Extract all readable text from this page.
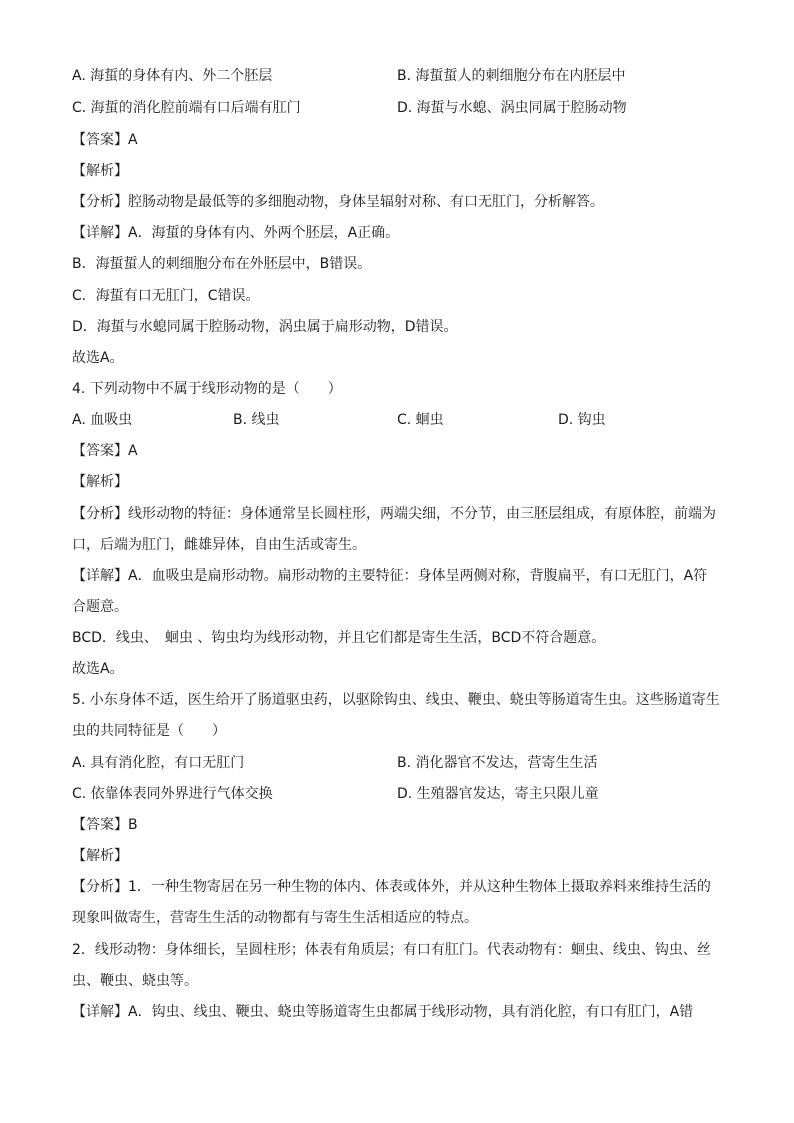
A. 海蜇的身体有内、外二个胚层	B. 海蜇蜇人的刺细胞分布在内胚层中
C. 海蜇的消化腔前端有口后端有肛门	D. 海蜇与水螅、涡虫同属于腔肠动物
【答案】A
【解析】
【分析】腔肠动物是最低等的多细胞动物，身体呈辐射对称、有口无肛门，分析解答。
【详解】A．海蜇的身体有内、外两个胚层，A正确。
B．海蜇蜇人的刺细胞分布在外胚层中，B错误。
C．海蜇有口无肛门，C错误。
D．海蜇与水螅同属于腔肠动物，涡虫属于扁形动物，D错误。
故选A。
4. 下列动物中不属于线形动物的是（　　）
A. 血吸虫	B. 线虫	C. 蛔虫	D. 钩虫
【答案】A
【解析】
【分析】线形动物的特征：身体通常呈长圆柱形，两端尖细，不分节，由三胚层组成，有原体腔，前端为
口，后端为肛门，雌雄异体，自由生活或寄生。
【详解】A．血吸虫是扁形动物。扁形动物的主要特征：身体呈两侧对称，背腹扁平，有口无肛门，A符
合题意。
BCD．线虫、　蛔虫 、钩虫均为线形动物，并且它们都是寄生生活，BCD不符合题意。
故选A。
5. 小东身体不适，医生给开了肠道驱虫药，以驱除钩虫、线虫、鞭虫、蛲虫等肠道寄生虫。这些肠道寄生
虫的共同特征是（　　）
A. 具有消化腔，有口无肛门	B. 消化器官不发达，营寄生生活
C. 依靠体表同外界进行气体交换	D. 生殖器官发达，寄主只限儿童
【答案】B
【解析】
【分析】1．一种生物寄居在另一种生物的体内、体表或体外，并从这种生物体上摄取养料来维持生活的
现象叫做寄生，营寄生生活的动物都有与寄生生活相适应的特点。
2．线形动物：身体细长，呈圆柱形；体表有角质层；有口有肛门。代表动物有：蛔虫、线虫、钩虫、丝
虫、鞭虫、蛲虫等。
【详解】A．钩虫、线虫、鞭虫、蛲虫等肠道寄生虫都属于线形动物，具有消化腔，有口有肛门，A错
